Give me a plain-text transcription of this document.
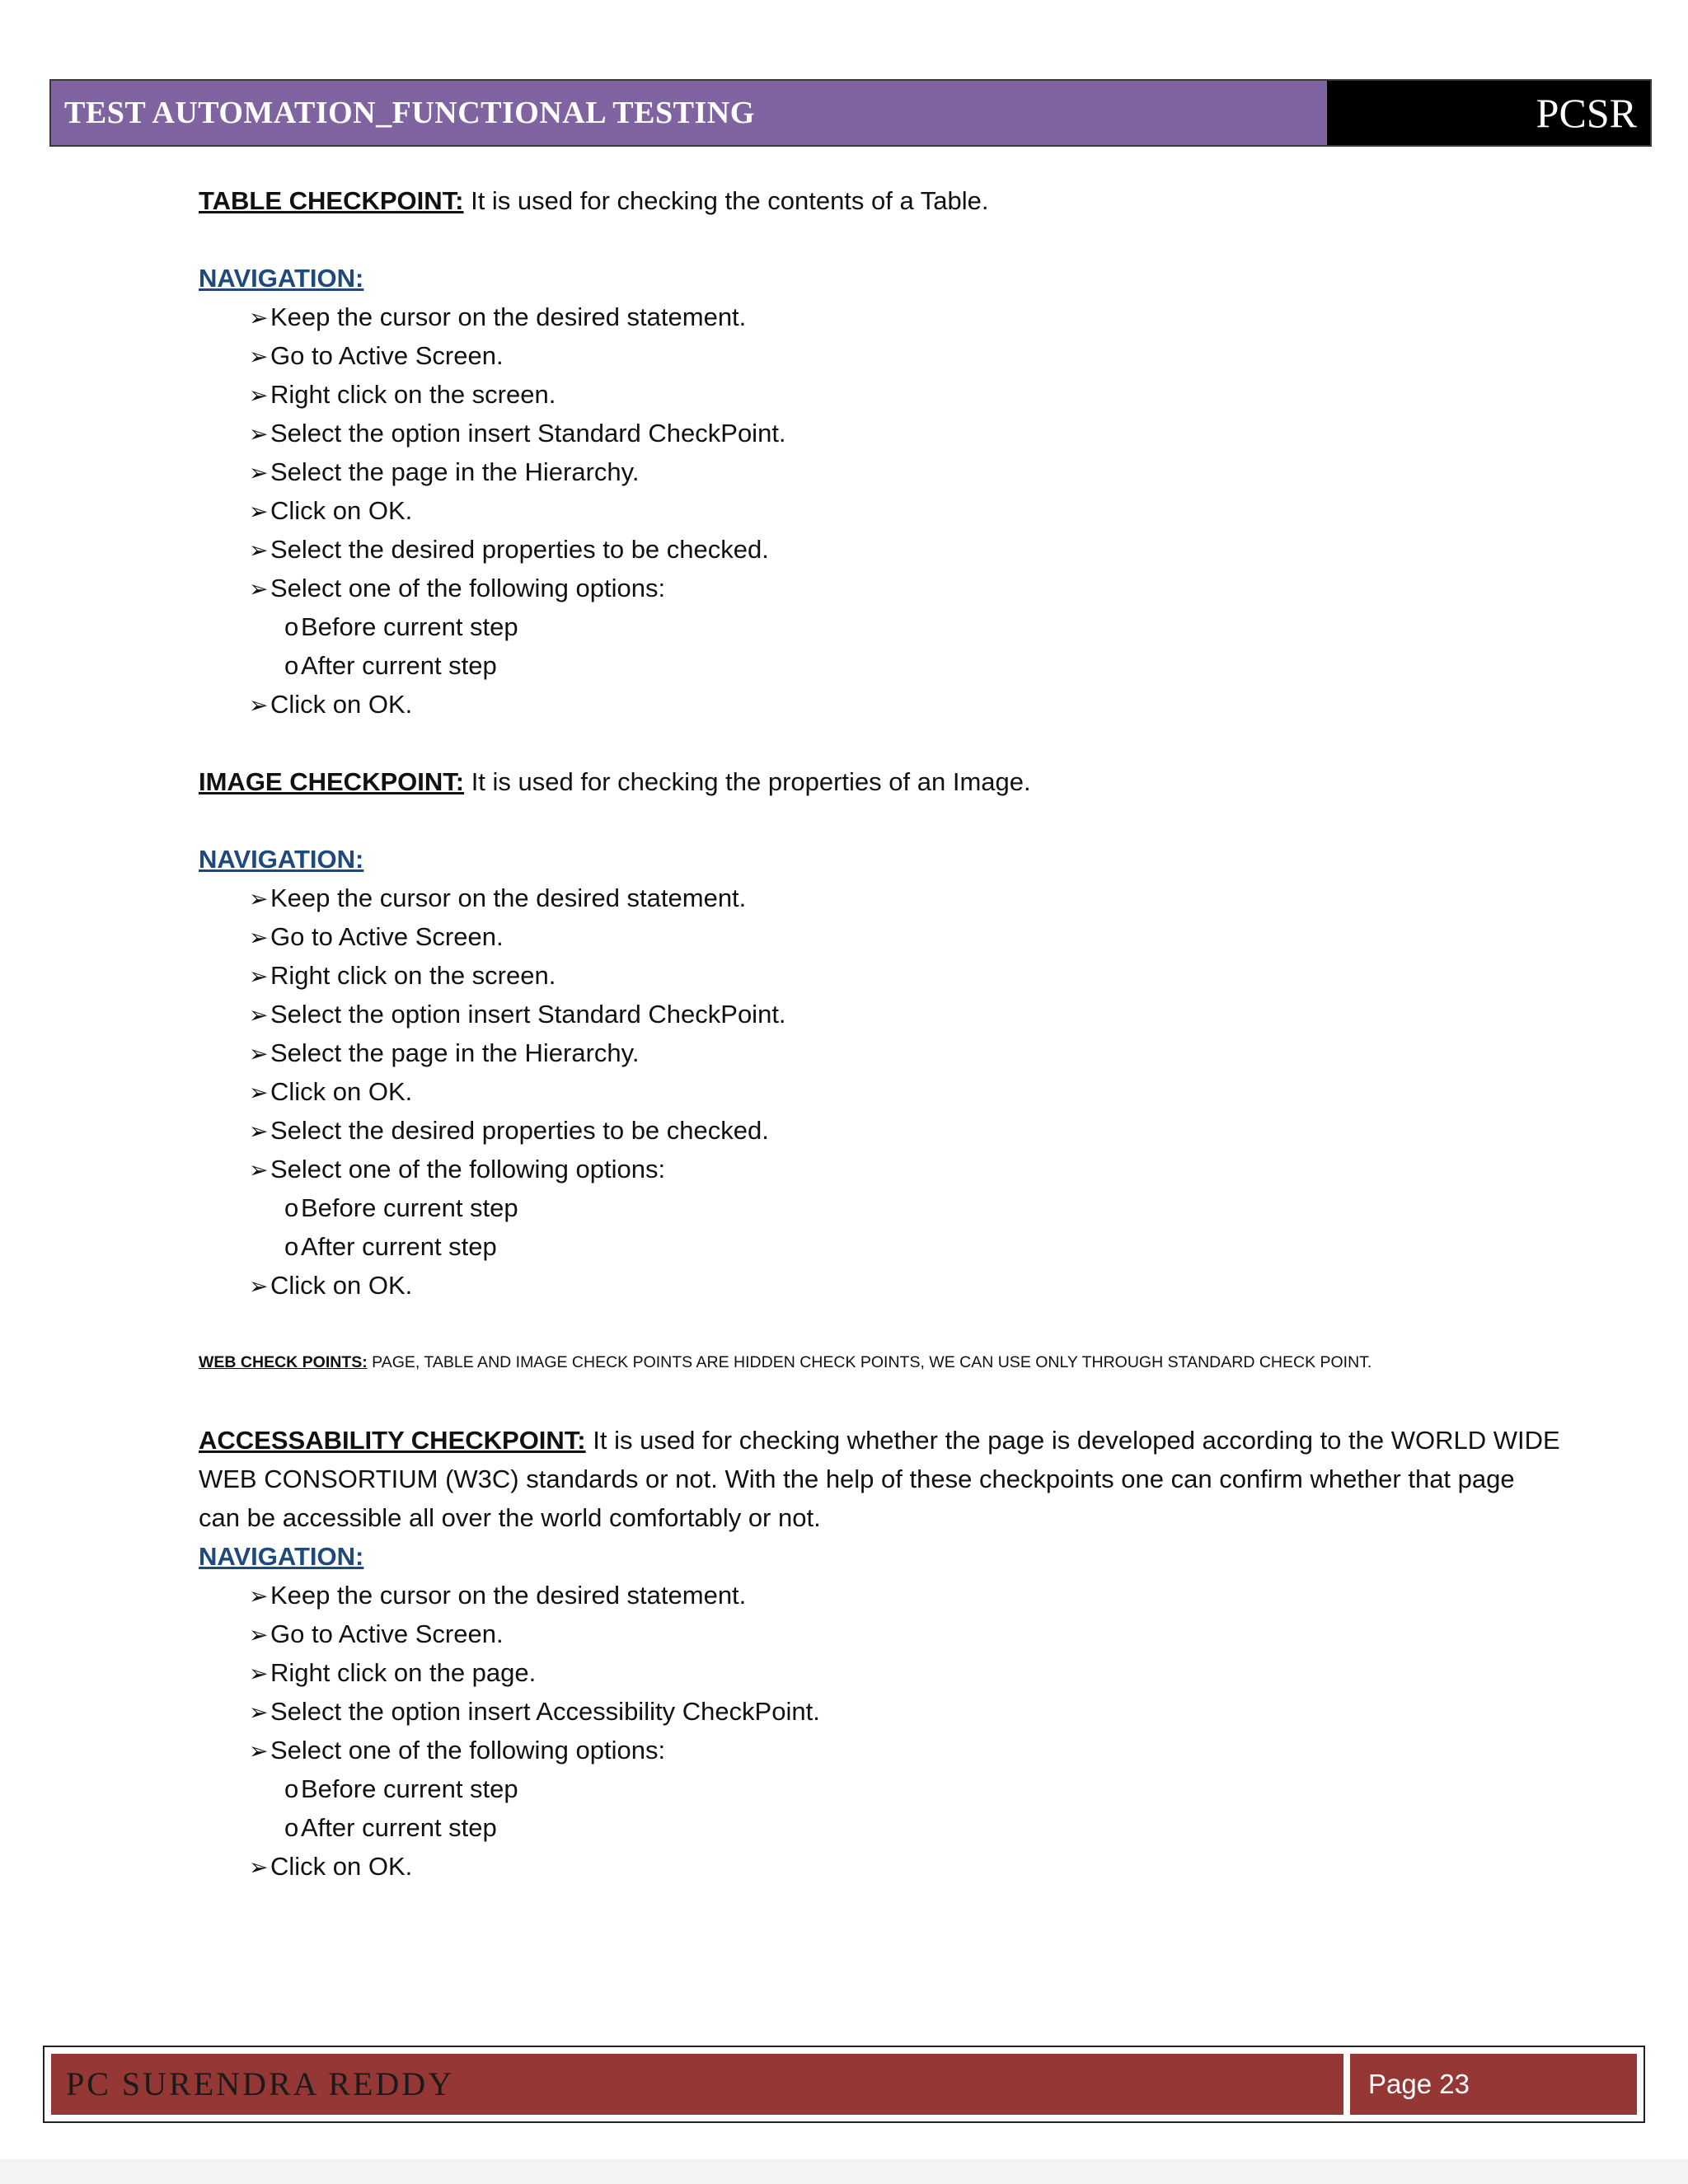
TEST AUTOMATION_FUNCTIONAL TESTING	PCSR
TABLE CHECKPOINT: It is used for checking the contents of a Table.
NAVIGATION:
➢Keep the cursor on the desired statement.
➢Go to Active Screen.
➢Right click on the screen.
➢Select the option insert Standard CheckPoint.
➢Select the page in the Hierarchy.
➢Click on OK.
➢Select the desired properties to be checked.
➢Select one of the following options:
oBefore current step
oAfter current step
➢Click on OK.
IMAGE CHECKPOINT: It is used for checking the properties of an Image.
NAVIGATION:
➢Keep the cursor on the desired statement.
➢Go to Active Screen.
➢Right click on the screen.
➢Select the option insert Standard CheckPoint.
➢Select the page in the Hierarchy.
➢Click on OK.
➢Select the desired properties to be checked.
➢Select one of the following options:
oBefore current step
oAfter current step
➢Click on OK.
WEB CHECK POINTS: PAGE, TABLE AND IMAGE CHECK POINTS ARE HIDDEN CHECK POINTS, WE CAN USE ONLY THROUGH STANDARD CHECK POINT.
ACCESSABILITY CHECKPOINT: It is used for checking whether the page is developed according to the WORLD WIDE
WEB CONSORTIUM (W3C) standards or not. With the help of these checkpoints one can confirm whether that page
can be accessible all over the world comfortably or not.
NAVIGATION:
➢Keep the cursor on the desired statement.
➢Go to Active Screen.
➢Right click on the page.
➢Select the option insert Accessibility CheckPoint.
➢Select one of the following options:
oBefore current step
oAfter current step
➢Click on OK.
PC SURENDRA REDDY	Page 23
